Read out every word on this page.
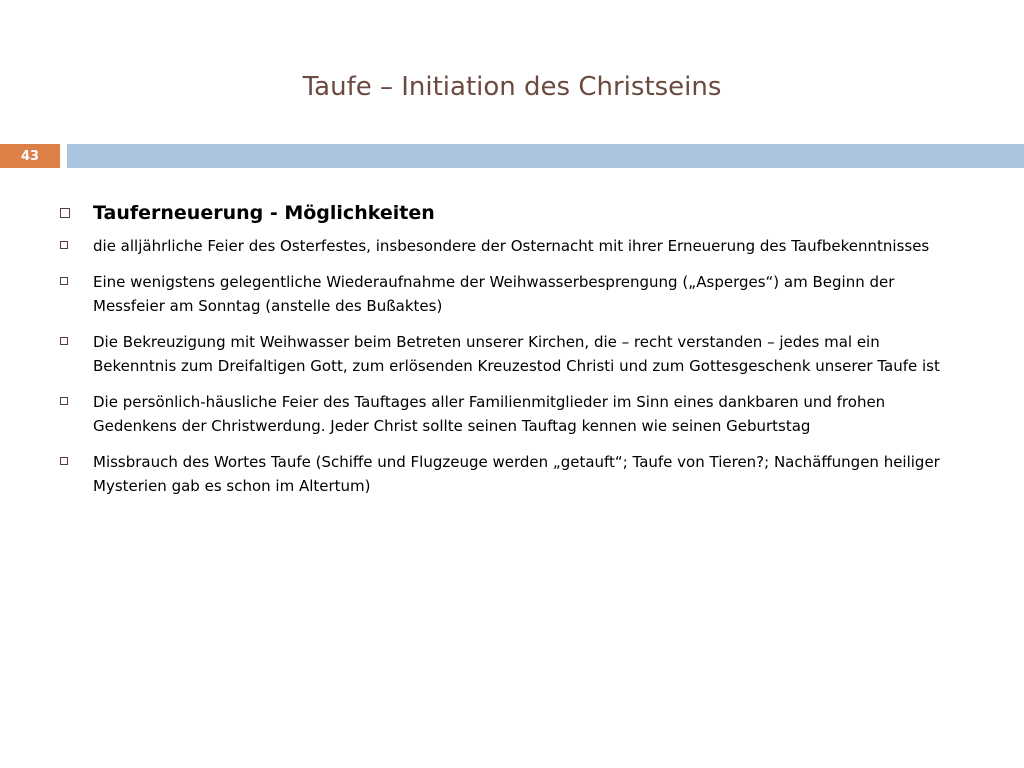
Taufe – Initiation des Christseins
43
Tauferneuerung - Möglichkeiten
die alljährliche Feier des Osterfestes, insbesondere der Osternacht mit ihrer Erneuerung des Taufbekenntnisses
Eine wenigstens gelegentliche Wiederaufnahme der Weihwasserbesprengung („Asperges“) am Beginn der Messfeier am Sonntag (anstelle des Bußaktes)
Die Bekreuzigung mit Weihwasser beim Betreten unserer Kirchen, die – recht verstanden – jedes mal ein Bekenntnis zum Dreifaltigen Gott, zum erlösenden Kreuzestod Christi und zum Gottesgeschenk unserer Taufe ist
Die persönlich-häusliche Feier des Tauftages aller Familienmitglieder im Sinn eines dankbaren und frohen Gedenkens der Christwerdung. Jeder Christ sollte seinen Tauftag kennen wie seinen Geburtstag
Missbrauch des Wortes Taufe (Schiffe und Flugzeuge werden „getauft“; Taufe von Tieren?; Nachäffungen heiliger Mysterien gab es schon im Altertum)
